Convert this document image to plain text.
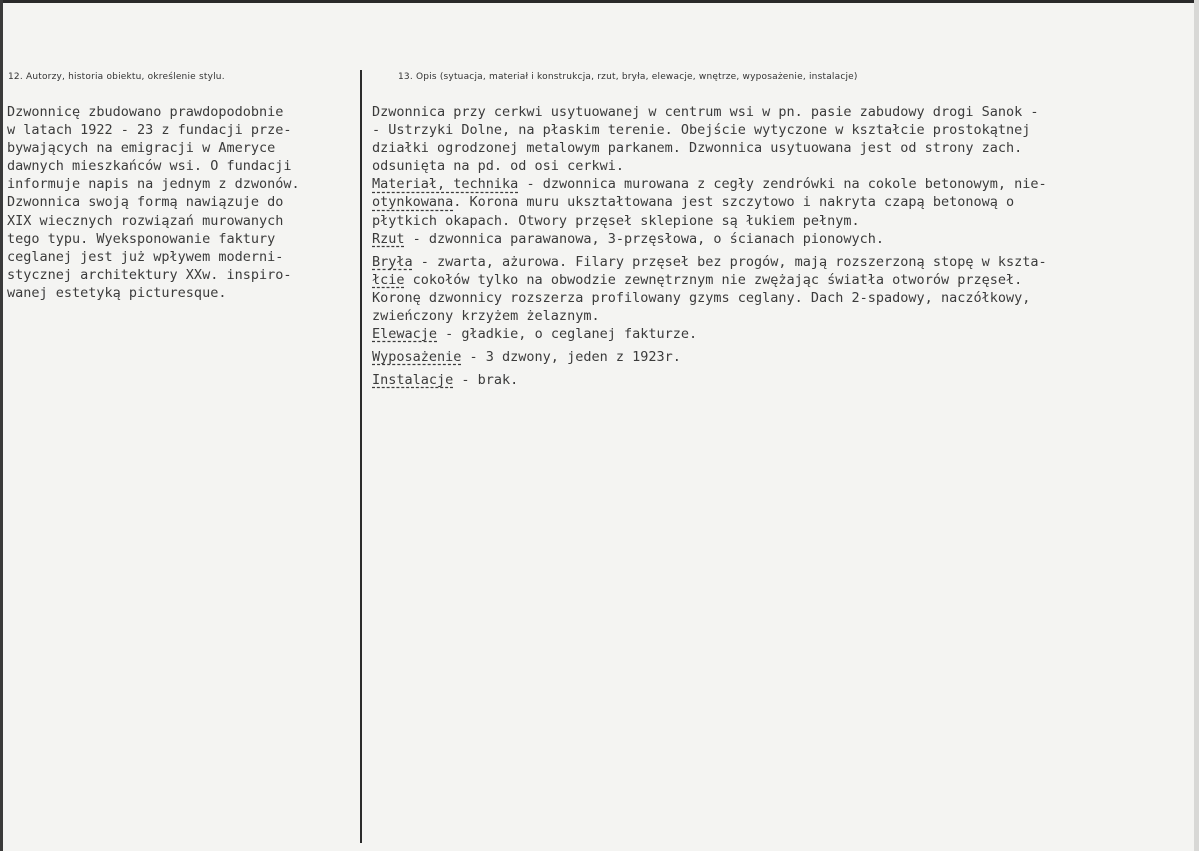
12. Autorzy, historia obiektu, określenie stylu.	13. Opis (sytuacja, materiał i konstrukcja, rzut, bryła, elewacje, wnętrze, wyposażenie, instalacje)
Dzwonnicę zbudowano prawdopodobnie
w latach 1922 - 23 z fundacji prze-
bywających na emigracji w Ameryce
dawnych mieszkańców wsi. O fundacji
informuje napis na jednym z dzwonów.
Dzwonnica swoją formą nawiązuje do
XIX wiecznych rozwiązań murowanych
tego typu. Wyeksponowanie faktury
ceglanej jest już wpływem moderni-
stycznej architektury XXw. inspiro-
wanej estetyką picturesque.
Dzwonnica przy cerkwi usytuowanej w centrum wsi w pn. pasie zabudowy drogi Sanok -
- Ustrzyki Dolne, na płaskim terenie. Obejście wytyczone w kształcie prostokątnej
działki ogrodzonej metalowym parkanem. Dzwonnica usytuowana jest od strony zach.
odsunięta na pd. od osi cerkwi.
Materiał, technika - dzwonnica murowana z cegły zendrówki na cokole betonowym, nie-
otynkowana. Korona muru ukształtowana jest szczytowo i nakryta czapą betonową o
płytkich okapach. Otwory przęseł sklepione są łukiem pełnym.
Rzut - dzwonnica parawanowa, 3-przęsłowa, o ścianach pionowych.
Bryła - zwarta, ażurowa. Filary przęseł bez progów, mają rozszerzoną stopę w kszta-
łcie cokołów tylko na obwodzie zewnętrznym nie zwężając światła otworów przęseł.
Koronę dzwonnicy rozszerza profilowany gzyms ceglany. Dach 2-spadowy, naczółkowy,
zwieńczony krzyżem żelaznym.
Elewacje - gładkie, o ceglanej fakturze.
Wyposażenie - 3 dzwony, jeden z 1923r.
Instalacje - brak.
